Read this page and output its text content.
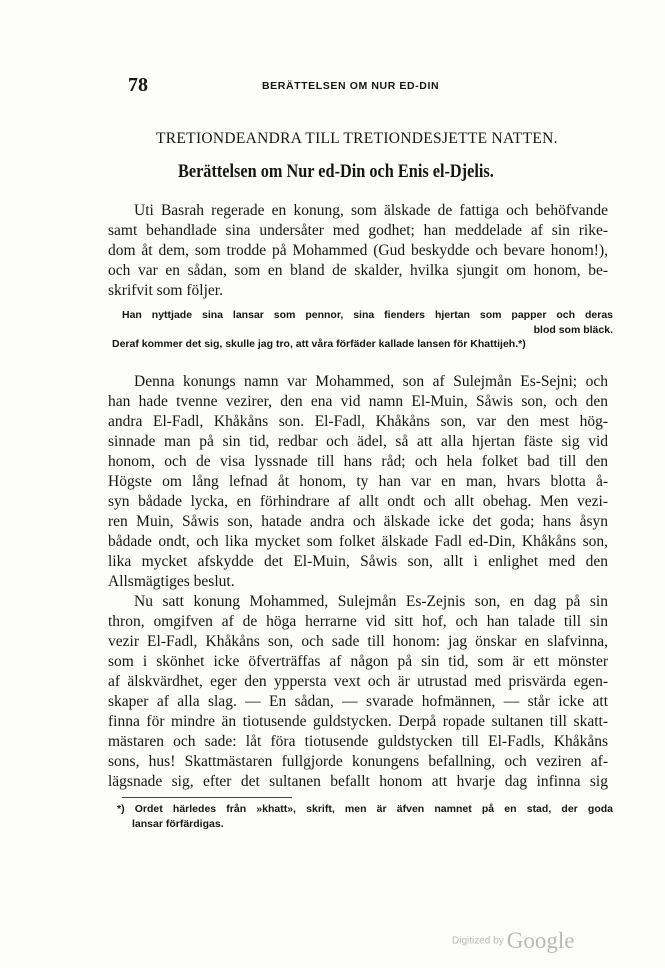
78	BERÄTTELSEN OM NUR ED-DIN
TRETIONDEANDRA TILL TRETIONDESJETTE NATTEN.
Berättelsen om Nur ed-Din och Enis el-Djelis.
Uti Basrah regerade en konung, som älskade de fattiga och behöfvande
samt behandlade sina undersåter med godhet; han meddelade af sin rike-
dom åt dem, som trodde på Mohammed (Gud beskydde och bevare honom!),
och var en sådan, som en bland de skalder, hvilka sjungit om honom, be-
skrifvit som följer.
Han nyttjade sina lansar som pennor, sina fienders hjertan som papper och deras
blod som bläck.
Deraf kommer det sig, skulle jag tro, att våra förfäder kallade lansen för Khattijeh.*)
Denna konungs namn var Mohammed, son af Sulejmån Es-Sejni; och
han hade tvenne vezirer, den ena vid namn El-Muin, Såwis son, och den
andra El-Fadl, Khåkåns son. El-Fadl, Khåkåns son, var den mest hög-
sinnade man på sin tid, redbar och ädel, så att alla hjertan fäste sig vid
honom, och de visa lyssnade till hans råd; och hela folket bad till den
Högste om lång lefnad åt honom, ty han var en man, hvars blotta å-
syn bådade lycka, en förhindrare af allt ondt och allt obehag. Men vezi-
ren Muin, Såwis son, hatade andra och älskade icke det goda; hans åsyn
bådade ondt, och lika mycket som folket älskade Fadl ed-Din, Khåkåns son,
lika mycket afskydde det El-Muin, Såwis son, allt i enlighet med den
Allsmägtiges beslut.
Nu satt konung Mohammed, Sulejmån Es-Zejnis son, en dag på sin
thron, omgifven af de höga herrarne vid sitt hof, och han talade till sin
vezir El-Fadl, Khåkåns son, och sade till honom: jag önskar en slafvinna,
som i skönhet icke öfverträffas af någon på sin tid, som är ett mönster
af älskvärdhet, eger den yppersta vext och är utrustad med prisvärda egen-
skaper af alla slag. — En sådan, — svarade hofmännen, — står icke att
finna för mindre än tiotusende guldstycken. Derpå ropade sultanen till skatt-
mästaren och sade: låt föra tiotusende guldstycken till El-Fadls, Khåkåns
sons, hus! Skattmästaren fullgjorde konungens befallning, och veziren af-
lägsnade sig, efter det sultanen befallt honom att hvarje dag infinna sig
*) Ordet härledes från »khatt», skrift, men är äfven namnet på en stad, der goda
lansar förfärdigas.
Digitized by Google
